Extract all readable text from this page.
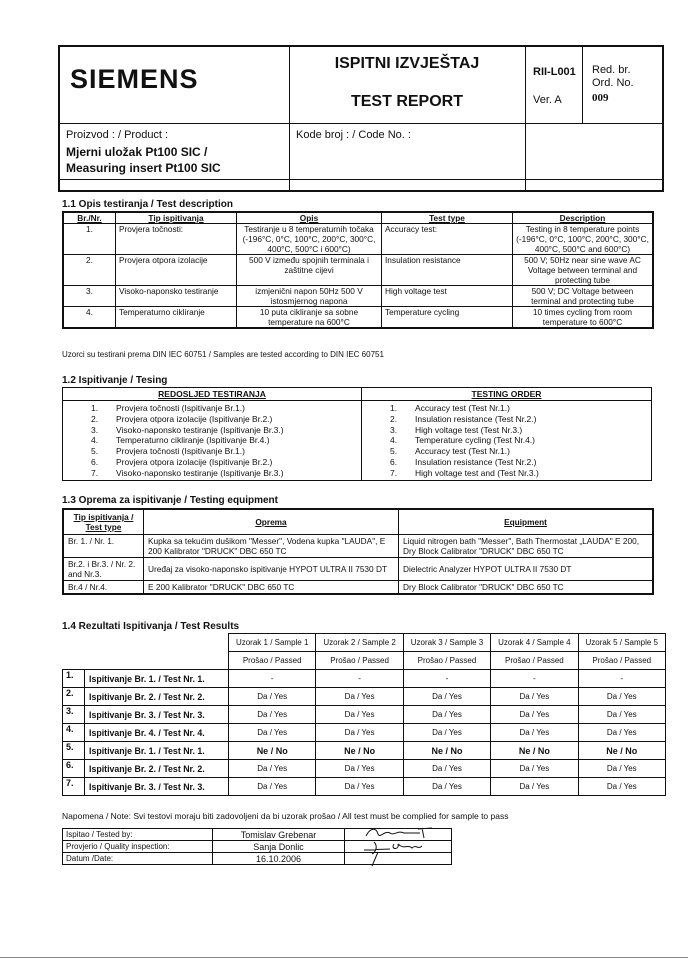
SIEMENS
ISPITNI IZVJEŠTAJ
TEST REPORT
RII-L001
Ver. A
Red. br.
Ord. No.
009
Proizvod : / Product :
Mjerni uložak Pt100 SIC /
Measuring insert Pt100 SIC
Kode broj : / Code No. :
1.1 Opis testiranja / Test description
Br./Nr.	Tip ispitivanja	Opis	Test type	Description
1.	Provjera točnosti:	Testiranje u 8 temperaturnih točaka (-196°C, 0°C, 100°C, 200°C, 300°C, 400°C, 500°C i 600°C)	Accuracy test:	Testing in 8 temperature points (-196°C, 0°C, 100°C, 200°C, 300°C, 400°C, 500°C and 600°C)
2.	Provjera otpora izolacije	500 V između spojnih terminala i zaštitne cijevi	Insulation resistance	500 V; 50Hz near sine wave AC Voltage between terminal and protecting tube
3.	Visoko-naponsko testiranje	izmjenični napon 50Hz 500 V istosmjernog napona	High voltage test	500 V; DC Voltage between terminal and protecting tube
4.	Temperaturno cikliranje	10 puta cikliranje sa sobne temperature na 600°C	Temperature cycling	10 times cycling from room temperature to 600°C
Uzorci su testirani prema DIN IEC 60751 / Samples are tested according to DIN IEC 60751
1.2 Ispitivanje / Tesing
REDOSLJED TESTIRANJA	TESTING ORDER
1. Provjera točnosti (Ispitivanje Br.1.)
2. Provjera otpora izolacije (Ispitivanje Br.2.)
3. Visoko-naponsko testiranje (Ispitivanje Br.3.)
4. Temperaturno cikliranje (Ispitivanje Br.4.)
5. Provjera točnosti (Ispitivanje Br.1.)
6. Provjera otpora izolacije (Ispitivanje Br.2.)
7. Visoko-naponsko testiranje (Ispitivanje Br.3.)
1. Accuracy test (Test Nr.1.)
2. Insulation resistance (Test Nr.2.)
3. High voltage test (Test Nr.3.)
4. Temperature cycling (Test Nr.4.)
5. Accuracy test (Test Nr.1.)
6. Insulation resistance (Test Nr.2.)
7. High voltage test and (Test Nr.3.)
1.3 Oprema za ispitivanje / Testing equipment
Tip ispitivanja / Test type	Oprema	Equipment
Br. 1. / Nr. 1.	Kupka sa tekućim dušikom "Messer", Vodena kupka "LAUDA", E 200 Kalibrator "DRUCK" DBC 650 TC	Liquid nitrogen bath "Messer", Bath Thermostat „LAUDA" E 200, Dry Block Calibrator "DRUCK" DBC 650 TC
Br.2. i Br.3. / Nr. 2. and Nr.3.	Uređaj za visoko-naponsko ispitivanje HYPOT ULTRA II 7530 DT	Dielectric Analyzer HYPOT ULTRA II 7530 DT
Br.4 / Nr.4.	E 200 Kalibrator "DRUCK" DBC 650 TC	Dry Block Calibrator "DRUCK" DBC 650 TC
1.4 Rezultati Ispitivanja / Test Results
		Uzorak 1 / Sample 1	Uzorak 2 / Sample 2	Uzorak 3 / Sample 3	Uzorak 4 / Sample 4	Uzorak 5 / Sample 5
		Prošao / Passed	Prošao / Passed	Prošao / Passed	Prošao / Passed	Prošao / Passed
1.	Ispitivanje Br. 1. / Test Nr. 1.	-	-	-	-	-
2.	Ispitivanje Br. 2. / Test Nr. 2.	Da / Yes	Da / Yes	Da / Yes	Da / Yes	Da / Yes
3.	Ispitivanje Br. 3. / Test Nr. 3.	Da / Yes	Da / Yes	Da / Yes	Da / Yes	Da / Yes
4.	Ispitivanje Br. 4. / Test Nr. 4.	Da / Yes	Da / Yes	Da / Yes	Da / Yes	Da / Yes
5.	Ispitivanje Br. 1. / Test Nr. 1.	Ne / No	Ne / No	Ne / No	Ne / No	Ne / No
6.	Ispitivanje Br. 2. / Test Nr. 2.	Da / Yes	Da / Yes	Da / Yes	Da / Yes	Da / Yes
7.	Ispitivanje Br. 3. / Test Nr. 3.	Da / Yes	Da / Yes	Da / Yes	Da / Yes	Da / Yes
Napomena / Note: Svi testovi moraju biti zadovoljeni da bi uzorak prošao / All test must be complied for sample to pass
Ispitao / Tested by:	Tomislav Grebenar	
Provjerio / Quality inspection:	Sanja Donlic	
Datum /Date:	16.10.2006	
